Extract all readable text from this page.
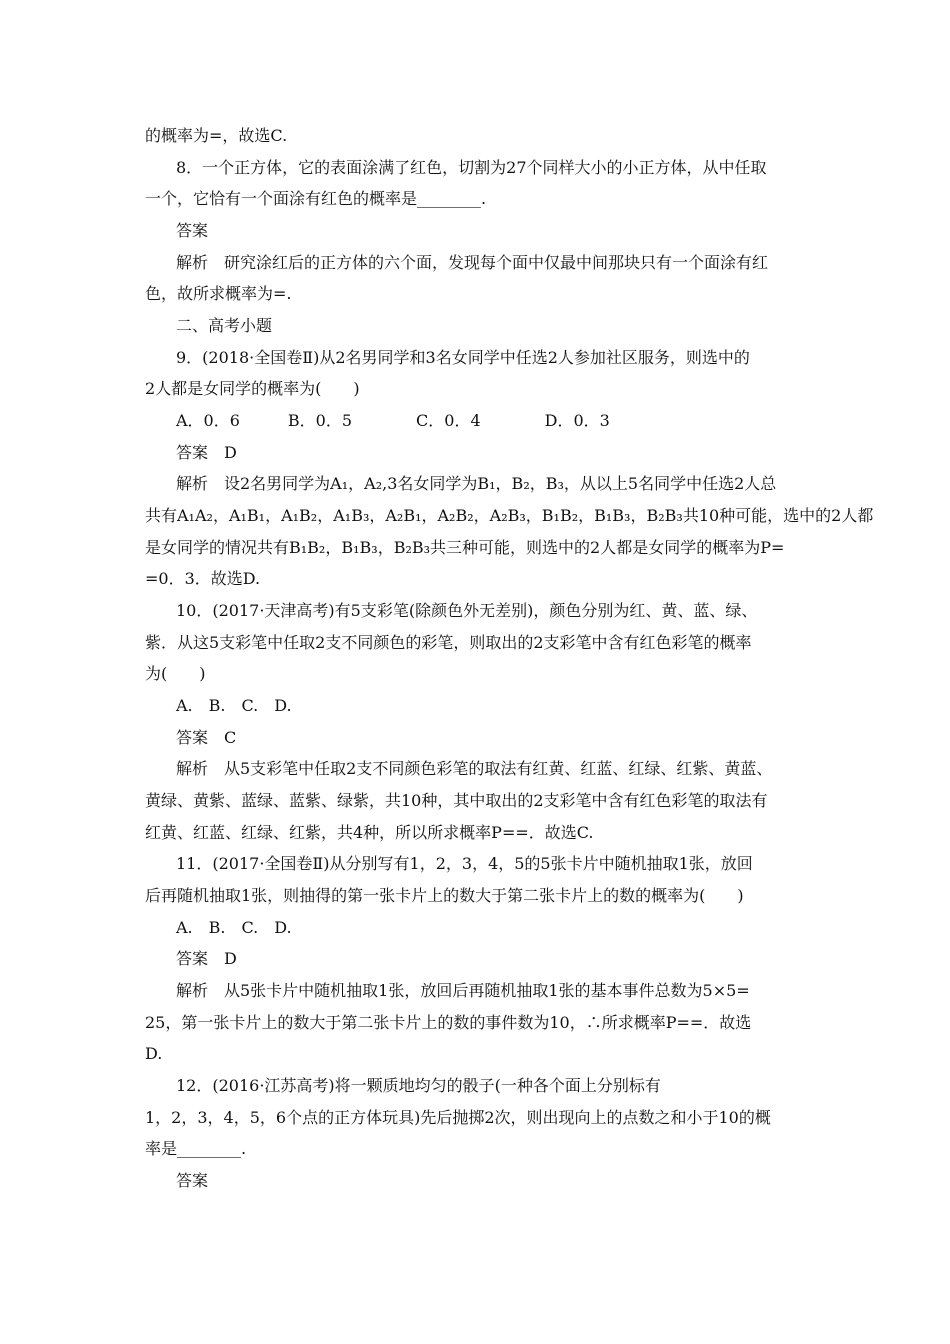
的概率为=，故选C.
8．一个正方体，它的表面涂满了红色，切割为27个同样大小的小正方体，从中任取
一个，它恰有一个面涂有红色的概率是________.
答案
解析　研究涂红后的正方体的六个面，发现每个面中仅最中间那块只有一个面涂有红
色，故所求概率为=.
二、高考小题
9．(2018·全国卷Ⅱ)从2名男同学和3名女同学中任选2人参加社区服务，则选中的
2人都是女同学的概率为(　　)
A．0．6　　　B．0．5　　　　C．0．4　　　　D．0．3
答案　D
解析　设2名男同学为A₁，A₂,3名女同学为B₁，B₂，B₃，从以上5名同学中任选2人总
共有A₁A₂，A₁B₁，A₁B₂，A₁B₃，A₂B₁，A₂B₂，A₂B₃，B₁B₂，B₁B₃，B₂B₃共10种可能，选中的2人都
是女同学的情况共有B₁B₂，B₁B₃，B₂B₃共三种可能，则选中的2人都是女同学的概率为P=
=0．3．故选D.
10．(2017·天津高考)有5支彩笔(除颜色外无差别)，颜色分别为红、黄、蓝、绿、
紫．从这5支彩笔中任取2支不同颜色的彩笔，则取出的2支彩笔中含有红色彩笔的概率
为(　　)
A.　B.　C.　D.
答案　C
解析　从5支彩笔中任取2支不同颜色彩笔的取法有红黄、红蓝、红绿、红紫、黄蓝、
黄绿、黄紫、蓝绿、蓝紫、绿紫，共10种，其中取出的2支彩笔中含有红色彩笔的取法有
红黄、红蓝、红绿、红紫，共4种，所以所求概率P==．故选C.
11．(2017·全国卷Ⅱ)从分别写有1，2，3，4，5的5张卡片中随机抽取1张，放回
后再随机抽取1张，则抽得的第一张卡片上的数大于第二张卡片上的数的概率为(　　)
A.　B.　C.　D.
答案　D
解析　从5张卡片中随机抽取1张，放回后再随机抽取1张的基本事件总数为5×5=
25，第一张卡片上的数大于第二张卡片上的数的事件数为10，∴所求概率P==．故选
D.
12．(2016·江苏高考)将一颗质地均匀的骰子(一种各个面上分别标有
1，2，3，4，5，6个点的正方体玩具)先后抛掷2次，则出现向上的点数之和小于10的概
率是________.
答案
